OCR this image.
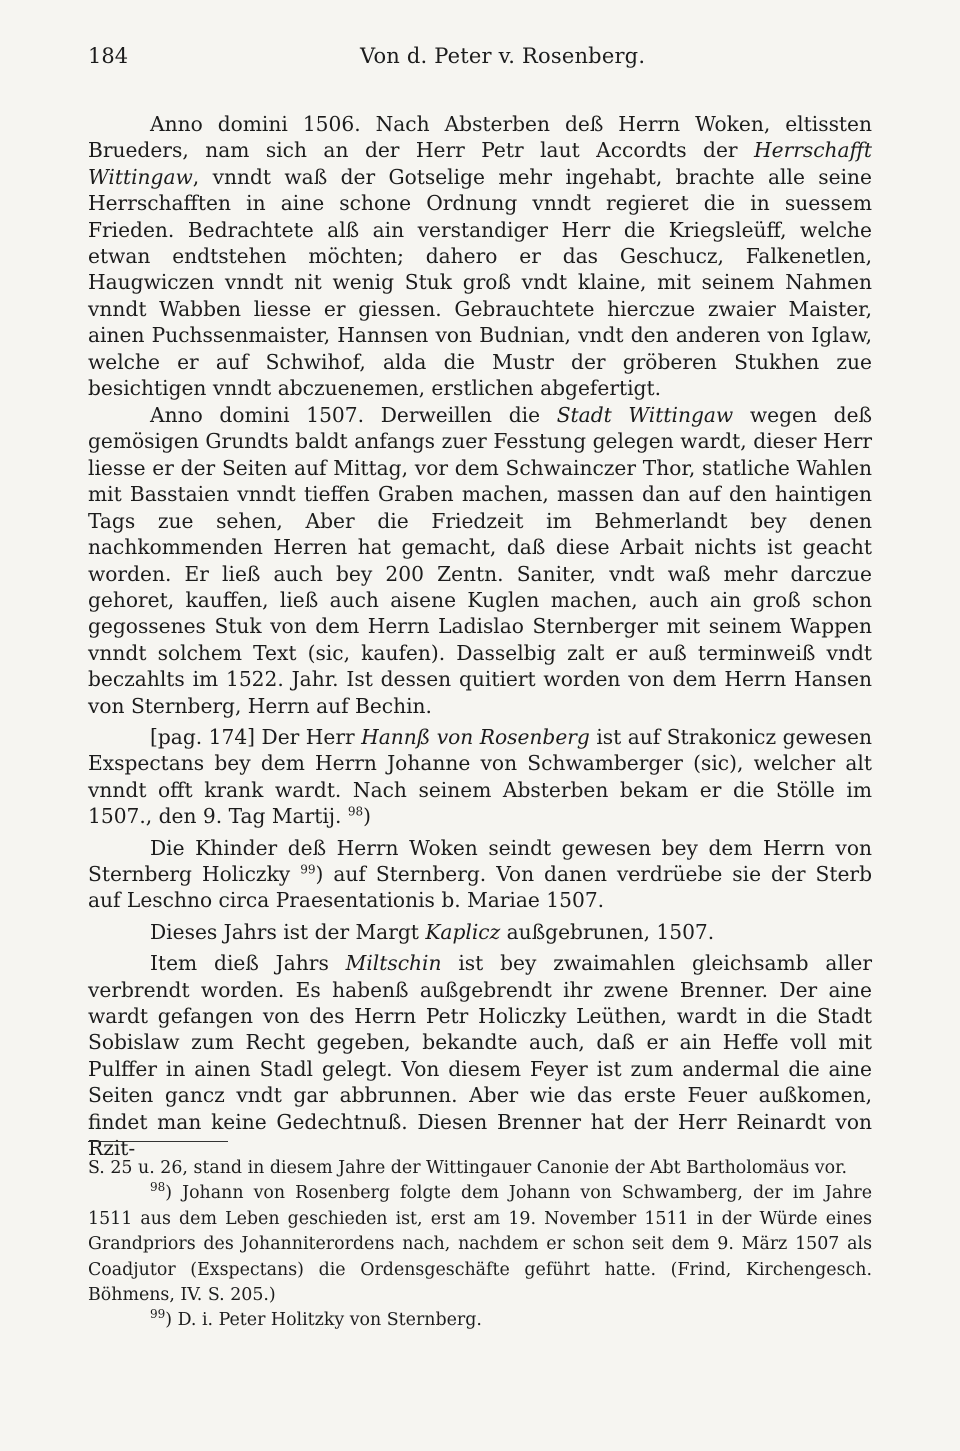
184	Von d. Peter v. Rosenberg.

Anno domini 1506. Nach Absterben deß Herrn Woken, eltissten Brueders, nam sich an der Herr Petr laut Accordts der Herrschafft Wittingaw, vnndt waß der Gotselige mehr ingehabt, brachte alle seine Herrschafften in aine schone Ordnung vnndt regieret die in suessem Frieden. Bedrachtete alß ain verstandiger Herr die Kriegsleüff, welche etwan endtstehen möchten; dahero er das Geschucz, Falkenetlen, Haugwiczen vnndt nit wenig Stuk groß vndt klaine, mit seinem Nahmen vnndt Wabben liesse er giessen. Gebrauchtete hierczue zwaier Maister, ainen Puchssenmaister, Hannsen von Budnian, vndt den anderen von Iglaw, welche er auf Schwihof, alda die Mustr der gröberen Stukhen zue besichtigen vnndt abczuenemen, erstlichen abgefertigt.

Anno domini 1507. Derweillen die Stadt Wittingaw wegen deß gemösigen Grundts baldt anfangs zuer Fesstung gelegen wardt, dieser Herr liesse er der Seiten auf Mittag, vor dem Schwainczer Thor, statliche Wahlen mit Basstaien vnndt tieffen Graben machen, massen dan auf den haintigen Tags zue sehen, Aber die Friedzeit im Behmerlandt bey denen nachkommenden Herren hat gemacht, daß diese Arbait nichts ist geacht worden. Er ließ auch bey 200 Zentn. Saniter, vndt waß mehr darczue gehoret, kauffen, ließ auch aisene Kuglen machen, auch ain groß schon gegossenes Stuk von dem Herrn Ladislao Sternberger mit seinem Wappen vnndt solchem Text (sic, kaufen). Dasselbig zalt er auß terminweiß vndt beczahlts im 1522. Jahr. Ist dessen quitiert worden von dem Herrn Hansen von Sternberg, Herrn auf Bechin.

[pag. 174] Der Herr Hannß von Rosenberg ist auf Strakonicz gewesen Exspectans bey dem Herrn Johanne von Schwamberger (sic), welcher alt vnndt offt krank wardt. Nach seinem Absterben bekam er die Stölle im 1507., den 9. Tag Martij. $^{98}$)

Die Khinder deß Herrn Woken seindt gewesen bey dem Herrn von Sternberg Holiczky $^{99}$) auf Sternberg. Von danen verdrüebe sie der Sterb auf Leschno circa Praesentationis b. Mariae 1507.

Dieses Jahrs ist der Margt Kaplicz außgebrunen, 1507.

Item dieß Jahrs Miltschin ist bey zwaimahlen gleichsamb aller verbrendt worden. Es habenß außgebrendt ihr zwene Brenner. Der aine wardt gefangen von des Herrn Petr Holiczky Leüthen, wardt in die Stadt Sobislaw zum Recht gegeben, bekandte auch, daß er ain Heffe voll mit Pulffer in ainen Stadl gelegt. Von diesem Feyer ist zum andermal die aine Seiten gancz vndt gar abbrunnen. Aber wie das erste Feuer außkomen, findet man keine Gedechtnuß. Diesen Brenner hat der Herr Reinardt von Rzit-

S. 25 u. 26, stand in diesem Jahre der Wittingauer Canonie der Abt Bartholomäus vor.

$^{98}$) Johann von Rosenberg folgte dem Johann von Schwamberg, der im Jahre 1511 aus dem Leben geschieden ist, erst am 19. November 1511 in der Würde eines Grandpriors des Johanniterordens nach, nachdem er schon seit dem 9. März 1507 als Coadjutor (Exspectans) die Ordensgeschäfte geführt hatte. (Frind, Kirchengesch. Böhmens, IV. S. 205.)

$^{99}$) D. i. Peter Holitzky von Sternberg.
